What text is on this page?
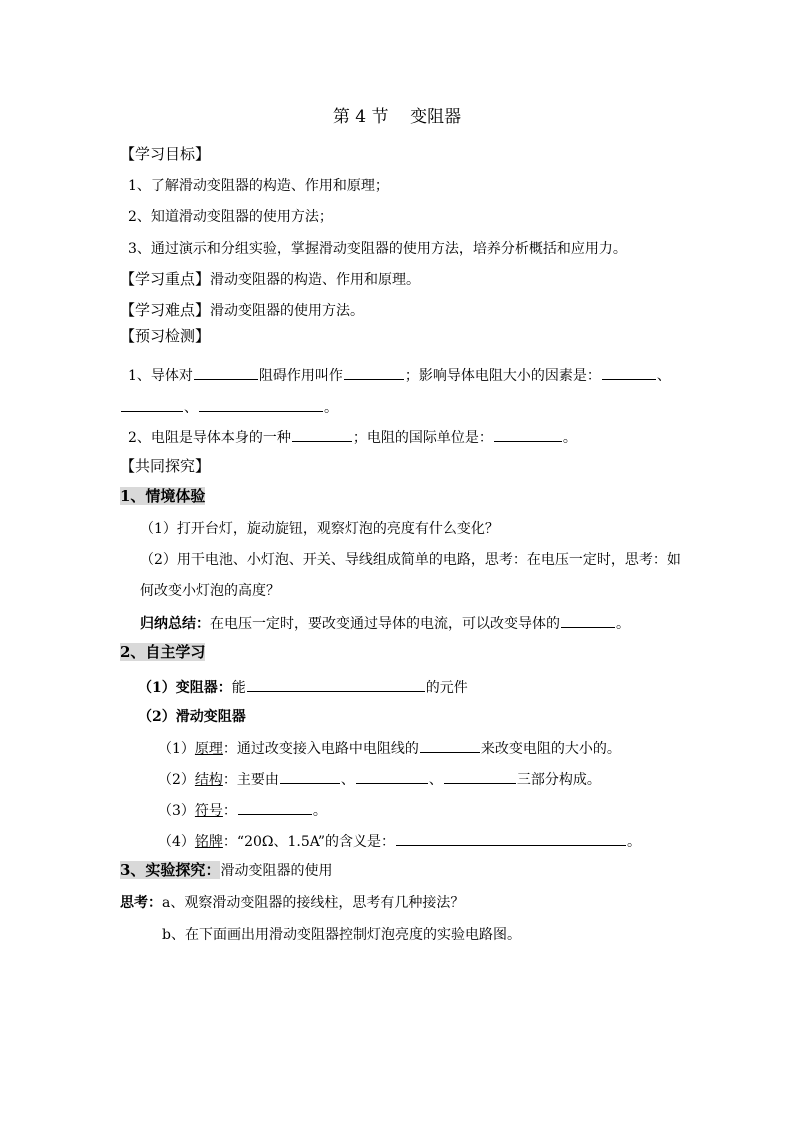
第 4 节    变阻器
【学习目标】
1、了解滑动变阻器的构造、作用和原理；
2、知道滑动变阻器的使用方法；
3、通过演示和分组实验，掌握滑动变阻器的使用方法，培养分析概括和应用力。
【学习重点】滑动变阻器的构造、作用和原理。
【学习难点】滑动变阻器的使用方法。
【预习检测】
1、导体对	阻碍作用叫作	；影响导体电阻大小的因素是：	、
、	。
2、电阻是导体本身的一种	；电阻的国际单位是：	。
【共同探究】
1、情境体验
（1）打开台灯，旋动旋钮，观察灯泡的亮度有什么变化？
（2）用干电池、小灯泡、开关、导线组成简单的电路，思考：在电压一定时，思考：如
何改变小灯泡的高度？
归纳总结：在电压一定时，要改变通过导体的电流，可以改变导体的	。
2、自主学习
（1）变阻器：能	的元件
（2）滑动变阻器
（1）原理：通过改变接入电路中电阻线的	来改变电阻的大小的。
（2）结构：主要由	、	、	三部分构成。
（3）符号：	。
（4）铭牌：“20Ω、1.5A”的含义是：	。
3、实验探究：滑动变阻器的使用
思考：a、观察滑动变阻器的接线柱，思考有几种接法？
b、在下面画出用滑动变阻器控制灯泡亮度的实验电路图。
